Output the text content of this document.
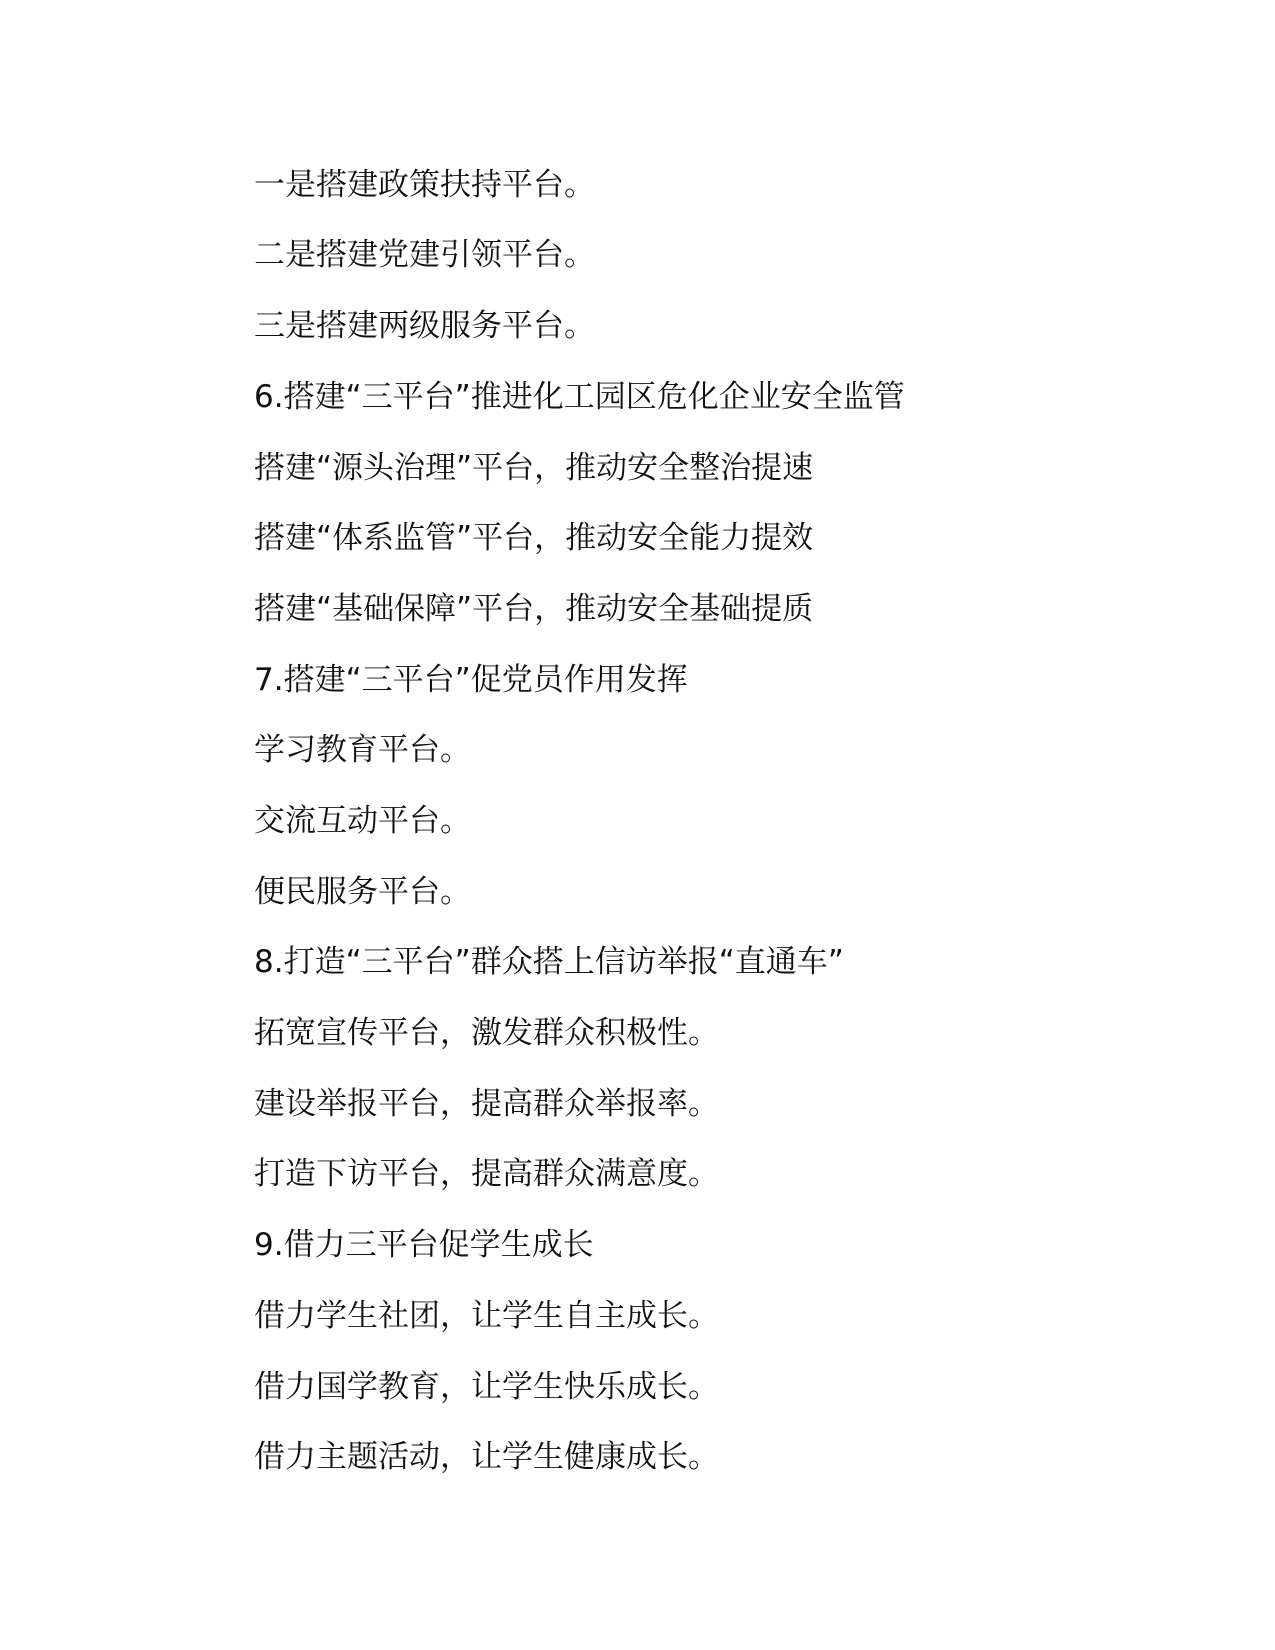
一是搭建政策扶持平台。
二是搭建党建引领平台。
三是搭建两级服务平台。
6.搭建“三平台”推进化工园区危化企业安全监管
搭建“源头治理”平台，推动安全整治提速
搭建“体系监管”平台，推动安全能力提效
搭建“基础保障”平台，推动安全基础提质
7.搭建“三平台”促党员作用发挥
学习教育平台。
交流互动平台。
便民服务平台。
8.打造“三平台”群众搭上信访举报“直通车”
拓宽宣传平台，激发群众积极性。
建设举报平台，提高群众举报率。
打造下访平台，提高群众满意度。
9.借力三平台促学生成长
借力学生社团，让学生自主成长。
借力国学教育，让学生快乐成长。
借力主题活动，让学生健康成长。
